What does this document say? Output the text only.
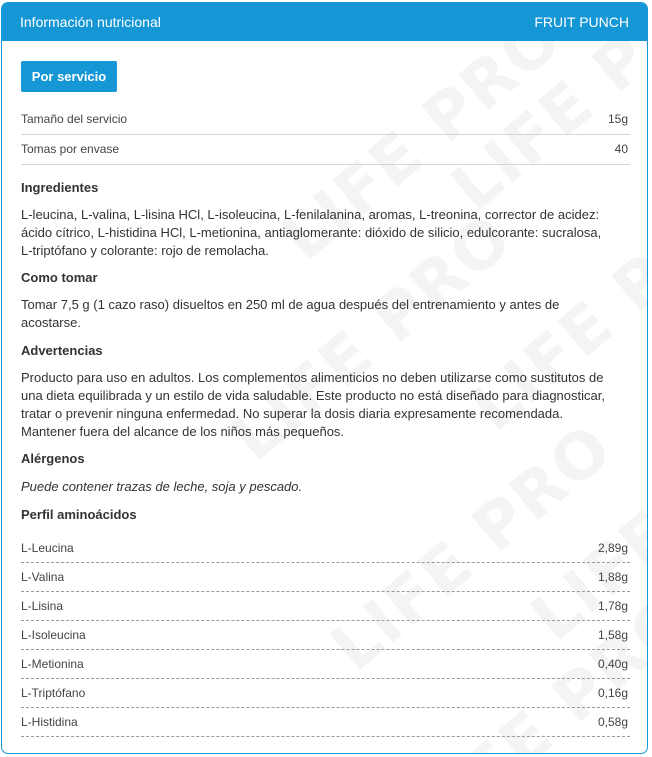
Información nutricional	FRUIT PUNCH
Por servicio
Tamaño del servicio	15g
Tomas por envase	40
Ingredientes
L-leucina, L-valina, L-lisina HCl, L-isoleucina, L-fenilalanina, aromas, L-treonina, corrector de acidez:
ácido cítrico, L-histidina HCl, L-metionina, antiaglomerante: dióxido de silicio, edulcorante: sucralosa,
L-triptófano y colorante: rojo de remolacha.
Como tomar
Tomar 7,5 g (1 cazo raso) disueltos en 250 ml de agua después del entrenamiento y antes de
acostarse.
Advertencias
Producto para uso en adultos. Los complementos alimenticios no deben utilizarse como sustitutos de
una dieta equilibrada y un estilo de vida saludable. Este producto no está diseñado para diagnosticar,
tratar o prevenir ninguna enfermedad. No superar la dosis diaria expresamente recomendada.
Mantener fuera del alcance de los niños más pequeños.
Alérgenos
Puede contener trazas de leche, soja y pescado.
Perfil aminoácidos
L-Leucina	2,89g
L-Valina	1,88g
L-Lisina	1,78g
L-Isoleucina	1,58g
L-Metionina	0,40g
L-Triptófano	0,16g
L-Histidina	0,58g
